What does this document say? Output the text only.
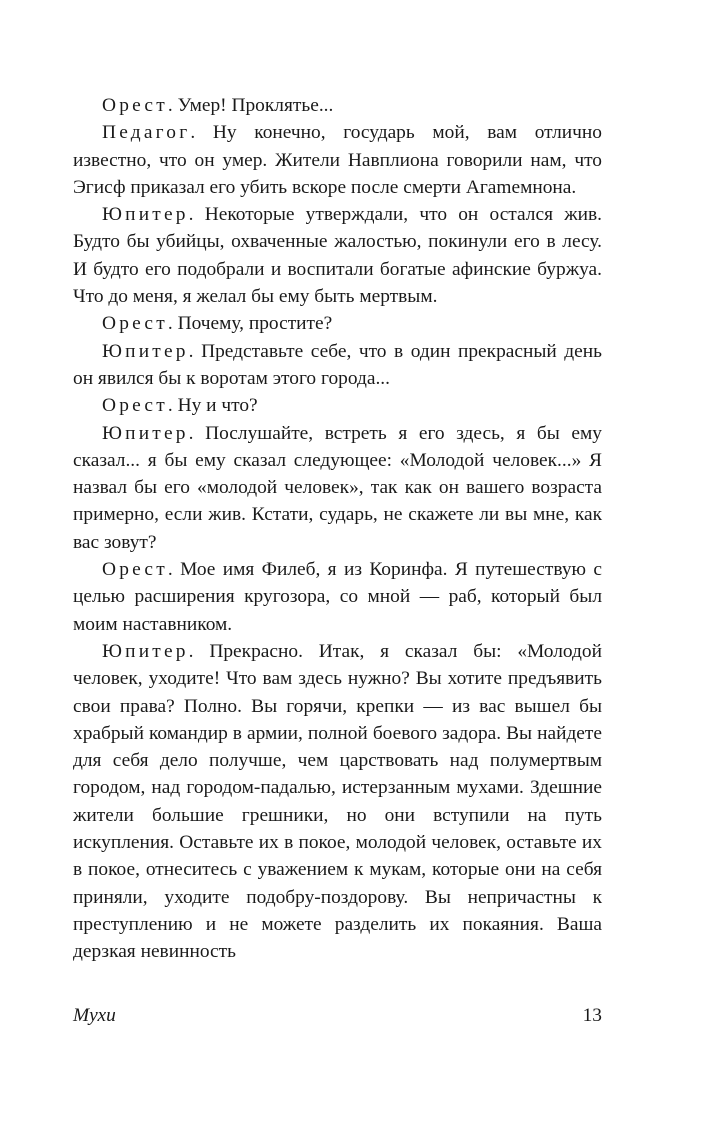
Орест. Умер! Проклятье...

Педагог. Ну конечно, государь мой, вам отлично известно, что он умер. Жители Навплиона говорили нам, что Эгисф приказал его убить вскоре после смерти Агаmемнона.

Юпитер. Некоторые утверждали, что он остался жив. Будто бы убийцы, охваченные жалостью, покинули его в лесу. И будто его подобрали и воспитали богатые афинские буржуа. Что до меня, я желал бы ему быть мертвым.

Орест. Почему, простите?

Юпитер. Представьте себе, что в один прекрасный день он явился бы к воротам этого города...

Орест. Ну и что?

Юпитер. Послушайте, встреть я его здесь, я бы ему сказал... я бы ему сказал следующее: «Молодой человек...» Я назвал бы его «молодой человек», так как он вашего возраста примерно, если жив. Кстати, сударь, не скажете ли вы мне, как вас зовут?

Орест. Мое имя Филеб, я из Коринфа. Я путешествую с целью расширения кругозора, со мной — раб, который был моим наставником.

Юпитер. Прекрасно. Итак, я сказал бы: «Молодой человек, уходите! Что вам здесь нужно? Вы хотите предъявить свои права? Полно. Вы горячи, крепки — из вас вышел бы храбрый командир в армии, полной боевого задора. Вы найдете для себя дело получше, чем царствовать над полумертвым городом, над городом-падалью, истерзанным мухами. Здешние жители большие грешники, но они вступили на путь искупления. Оставьте их в покое, молодой человек, оставьте их в покое, отнеситесь с уважением к мукам, которые они на себя приняли, уходите подобру-поздорову. Вы непричастны к преступлению и не можете разделить их покаяния. Ваша дерзкая невинность

Мухи	13
